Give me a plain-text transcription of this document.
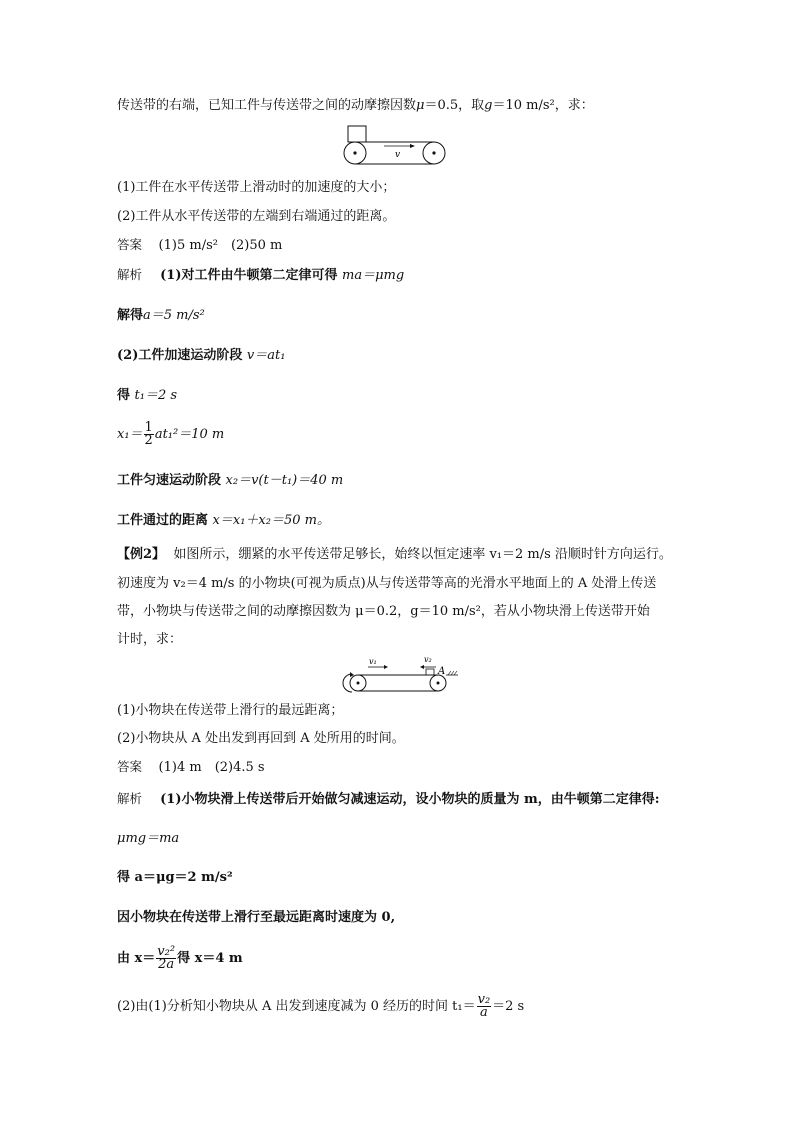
传送带的右端，已知工件与传送带之间的动摩擦因数μ＝0.5，取g＝10 m/s²，求：
v
(1)工件在水平传送带上滑动时的加速度的大小；
(2)工件从水平传送带的左端到右端通过的距离。
答案 (1)5 m/s²　(2)50 m
解析 (1)对工件由牛顿第二定律可得 ma＝μmg
解得a＝5 m/s²
(2)工件加速运动阶段 v＝at₁
得 t₁＝2 s
$x_1= \frac{1}{2} at_1^2=10$ m
工件匀速运动阶段 x₂＝v(t－t₁)＝40 m
工件通过的距离 x＝x₁＋x₂＝50 m。
【例2】 如图所示，绷紧的水平传送带足够长，始终以恒定速率 v₁＝2 m/s 沿顺时针方向运行。
初速度为 v₂＝4 m/s 的小物块(可视为质点)从与传送带等高的光滑水平地面上的 A 处滑上传送
带，小物块与传送带之间的动摩擦因数为 μ＝0.2，g＝10 m/s²，若从小物块滑上传送带开始
计时，求：
v₁	v₂
A
(1)小物块在传送带上滑行的最远距离；
(2)小物块从 A 处出发到再回到 A 处所用的时间。
答案 (1)4 m　(2)4.5 s
解析 (1)小物块滑上传送带后开始做匀减速运动，设小物块的质量为 m，由牛顿第二定律得:
μmg＝ma
得 a＝μg＝2 m/s²
因小物块在传送带上滑行至最远距离时速度为 0,
由 $x= \frac{\text{v₂²}}{2a}$ 得 x＝4 m
(2)由(1)分析知小物块从 A 出发到速度减为 0 经历的时间 $t_1= \frac{\text{v₂}}{a} =2$ s
